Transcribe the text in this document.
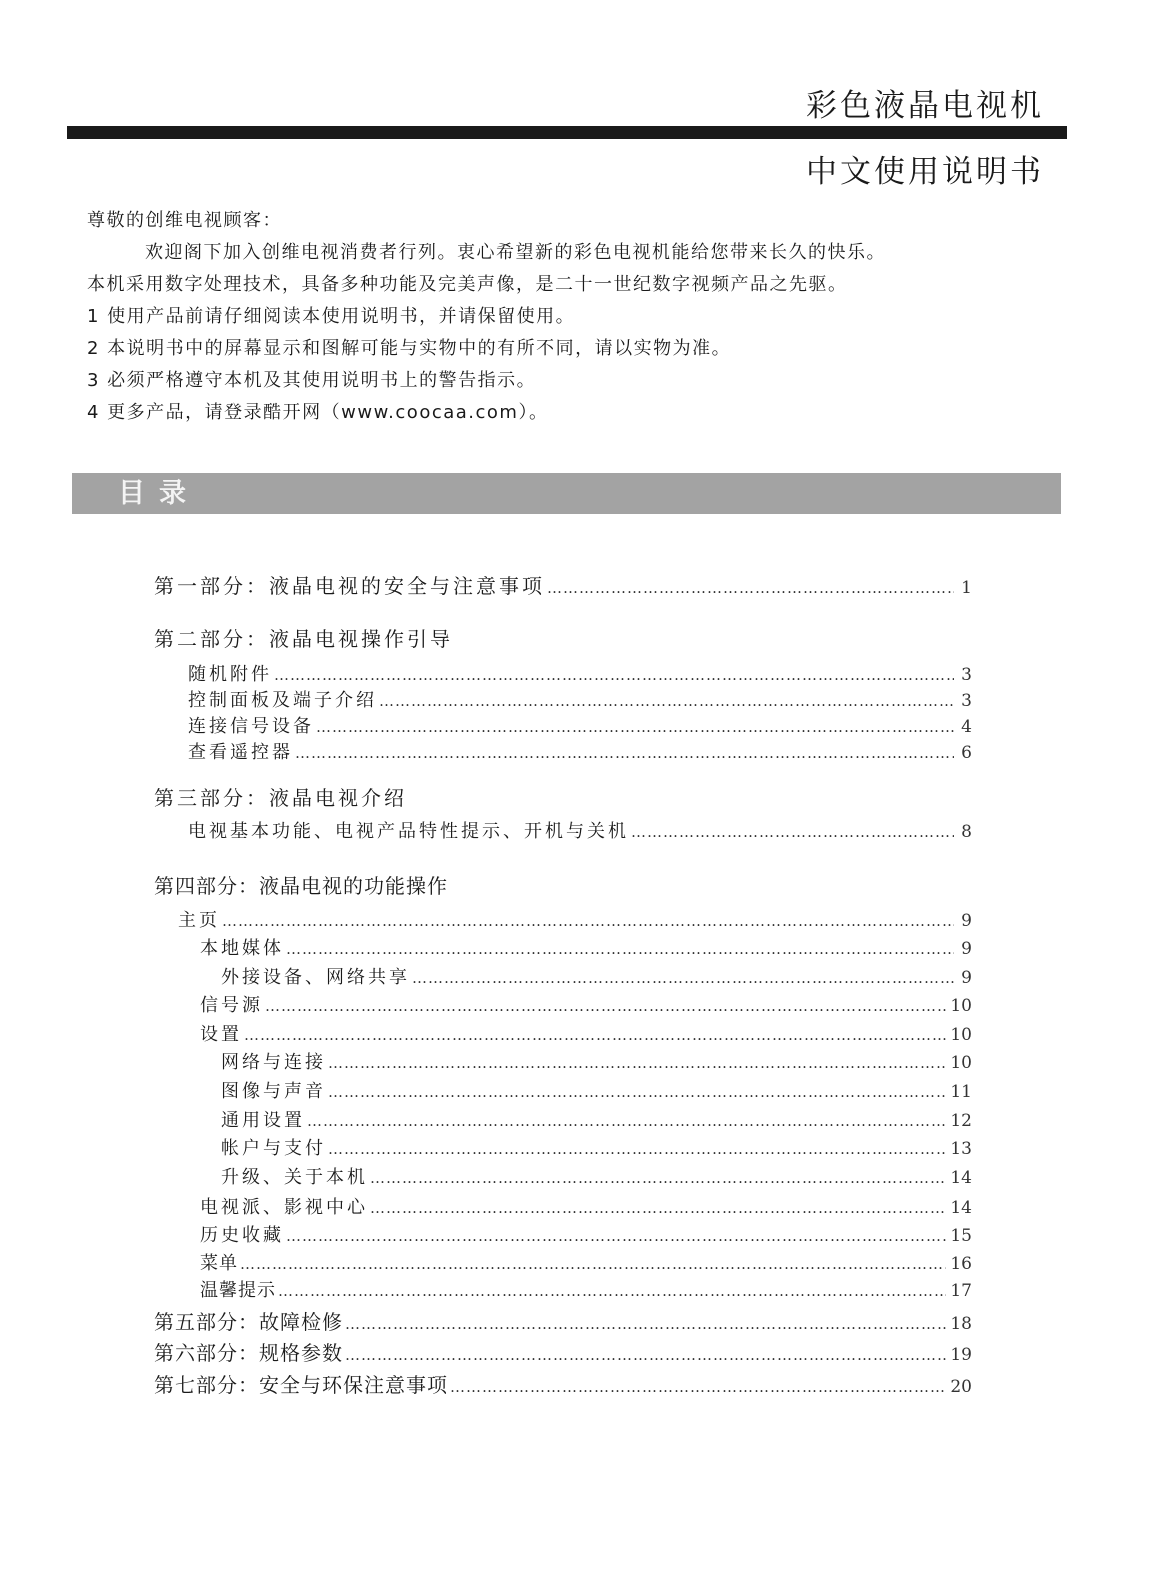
彩色液晶电视机
中文使用说明书
尊敬的创维电视顾客：
欢迎阁下加入创维电视消费者行列。衷心希望新的彩色电视机能给您带来长久的快乐。
本机采用数字处理技术，具备多种功能及完美声像，是二十一世纪数字视频产品之先驱。
1 使用产品前请仔细阅读本使用说明书，并请保留使用。
2 本说明书中的屏幕显示和图解可能与实物中的有所不同，请以实物为准。
3 必须严格遵守本机及其使用说明书上的警告指示。
4 更多产品，请登录酷开网（www.coocaa.com）。
目录
第一部分：液晶电视的安全与注意事项 ……………………………………………………………………………………………………………………………………………………………………………………………………………	1
第二部分：液晶电视操作引导
随机附件 ……………………………………………………………………………………………………………………………………………………………………………………………………………	3
控制面板及端子介绍 ……………………………………………………………………………………………………………………………………………………………………………………………………………	3
连接信号设备 ……………………………………………………………………………………………………………………………………………………………………………………………………………	4
查看遥控器 ……………………………………………………………………………………………………………………………………………………………………………………………………………	6
第三部分：液晶电视介绍
电视基本功能、电视产品特性提示、开机与关机 ……………………………………………………………………………………………………………………………………………………………………………………………………………	8
第四部分：液晶电视的功能操作
主页 ……………………………………………………………………………………………………………………………………………………………………………………………………………	9
本地媒体 ……………………………………………………………………………………………………………………………………………………………………………………………………………	9
外接设备、网络共享 ……………………………………………………………………………………………………………………………………………………………………………………………………………	9
信号源 ……………………………………………………………………………………………………………………………………………………………………………………………………………	10
设置 ……………………………………………………………………………………………………………………………………………………………………………………………………………	10
网络与连接 ……………………………………………………………………………………………………………………………………………………………………………………………………………	10
图像与声音 ……………………………………………………………………………………………………………………………………………………………………………………………………………	11
通用设置 ……………………………………………………………………………………………………………………………………………………………………………………………………………	12
帐户与支付 ……………………………………………………………………………………………………………………………………………………………………………………………………………	13
升级、关于本机 ……………………………………………………………………………………………………………………………………………………………………………………………………………	14
电视派、影视中心 ……………………………………………………………………………………………………………………………………………………………………………………………………………	14
历史收藏 ……………………………………………………………………………………………………………………………………………………………………………………………………………	15
菜单 ……………………………………………………………………………………………………………………………………………………………………………………………………………	16
温馨提示 ……………………………………………………………………………………………………………………………………………………………………………………………………………	17
第五部分：故障检修 ……………………………………………………………………………………………………………………………………………………………………………………………………………	18
第六部分：规格参数 ……………………………………………………………………………………………………………………………………………………………………………………………………………	19
第七部分：安全与环保注意事项 ……………………………………………………………………………………………………………………………………………………………………………………………………………	20
